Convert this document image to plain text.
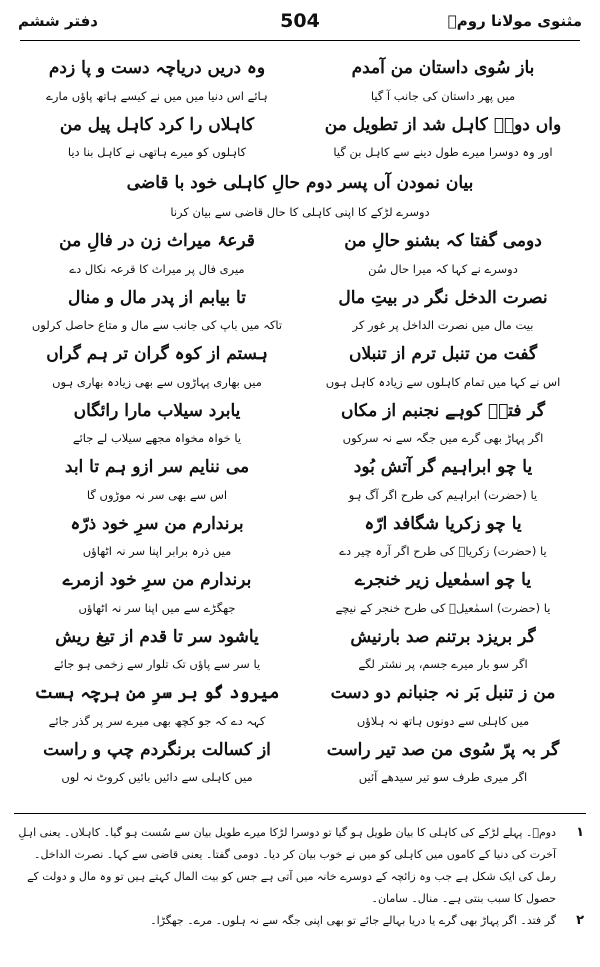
مثنوی مولانا رومؒ
504
دفتر ششم
باز سُوی داستان من آمدم
وہ دریں دریاچہ دست و پا زدم
میں پھر داستان کی جانب آ گیا
ہائے اس دنیا میں میں نے کیسے ہاتھ پاؤں مارے
واں دومؔ کاہل شد از تطویل من
کاہلاں را کرد کاہل پیل من
اور وہ دوسرا میرے طول دینے سے کاہل بن گیا
کاہلوں کو میرے ہاتھی نے کاہل بنا دیا
بیان نمودن آں پسر دوم حالِ کاہلی خود با قاضی
دوسرے لڑکے کا اپنی کاہلی کا حال قاضی سے بیان کرنا
دومی گفتا کہ بشنو حالِ من
قرعۂ میراث زن در فالِ من
دوسرے نے کہا کہ میرا حال سُن
میری فال پر میراث کا قرعہ نکال دے
نصرت الدخل نگر در بیتِ مال
تا بیابم از پدر مال و منال
بیت مال میں نصرت الداخل پر غور کر
تاکہ میں باپ کی جانب سے مال و متاع حاصل کرلوں
گفت من تنبل ترم از تنبلاں
ہستم از کوہ گران تر ہم گراں
اس نے کہا میں تمام کاہلوں سے زیادہ کاہل ہوں
میں بھاری پہاڑوں سے بھی زیادہ بھاری ہوں
گر فتدؔ کوہے نجنبم از مکاں
یابرد سیلاب مارا رائگاں
اگر پہاڑ بھی گرے میں جگہ سے نہ سرکوں
یا خواہ مخواہ مجھے سیلاب لے جائے
یا چو ابراہیم گر آتش بُود
می ننایم سر ازو ہم تا ابد
یا (حضرت) ابراہیم کی طرح اگر آگ ہو
اس سے بھی سر نہ موڑوں گا
یا چو زکریا شگافد ارّہ
برندارم من سرِ خود ذرّہ
یا (حضرت) زکریاؑ کی طرح اگر آرہ چیر دے
میں ذرہ برابر اپنا سر نہ اٹھاؤں
یا چو اسمٰعیل زیر خنجرے
برندارم من سرِ خود ازمرے
یا (حضرت) اسمٰعیلؑ کی طرح خنجر کے نیچے
جھگڑے سے میں اپنا سر نہ اٹھاؤں
گر بریزد برتنم صد بارنیش
یاشود سر تا قدم از تیغ ریش
اگر سو بار میرے جسم، پر نشتر لگے
یا سر سے پاؤں تک تلوار سے زخمی ہو جائے
من ز تنبل بَر نہ جنبانم دو دست
میرود گو بر سرِ من ہرچہ ہست
میں کاہلی سے دونوں ہاتھ نہ ہلاؤں
کہہ دے کہ جو کچھ بھی میرے سر پر گذر جائے
گر بہ پرّ سُوی من صد تیر راست
از کسالت برنگردم چپ و راست
اگر میری طرف سو تیر سیدھے آئیں
میں کاہلی سے دائیں بائیں کروٹ نہ لوں
۱
دومؔ۔ پہلے لڑکے کی کاہلی کا بیان طویل ہو گیا تو دوسرا لڑکا میرے طویل بیان سے سُست ہو گیا۔ کاہلاں۔ یعنی اہلِ آخرت کی دنیا کے کاموں میں کاہلی کو میں نے خوب بیان کر دیا۔ دومی گفتا۔ یعنی قاضی سے کہا۔ نصرت الداخل۔ رمل کی ایک شکل ہے جب وہ زائچہ کے دوسرے خانہ میں آتی ہے جس کو بیت المال کہتے ہیں تو وہ مال و دولت کے حصول کا سبب بنتی ہے۔ منال۔ سامان۔
۲
گر فتد۔ اگر پہاڑ بھی گرے یا دریا بہالے جائے تو بھی اپنی جگہ سے نہ ہلوں۔ مرے۔ جھگڑا۔
